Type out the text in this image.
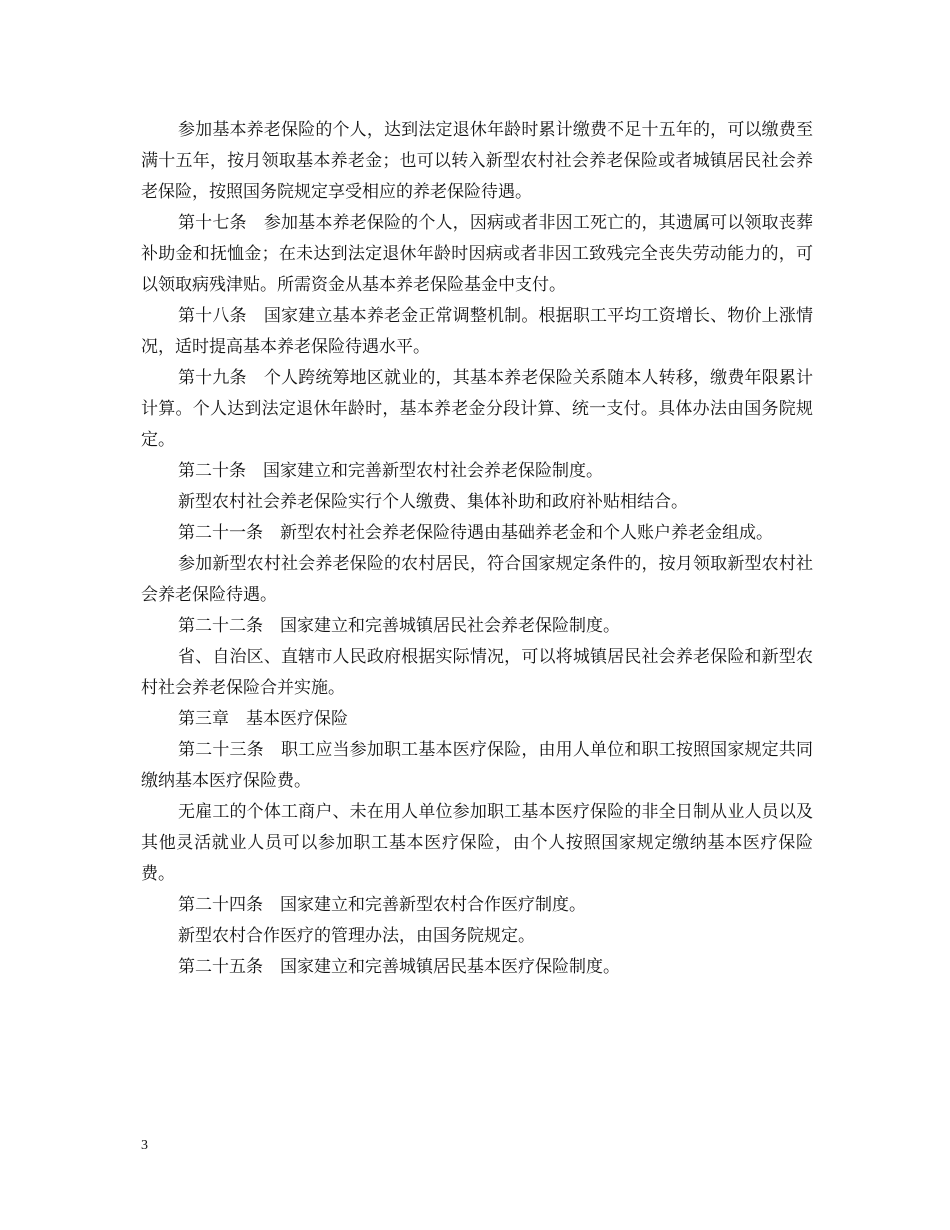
参加基本养老保险的个人，达到法定退休年龄时累计缴费不足十五年的，可以缴费至满十五年，按月领取基本养老金；也可以转入新型农村社会养老保险或者城镇居民社会养老保险，按照国务院规定享受相应的养老保险待遇。

第十七条　参加基本养老保险的个人，因病或者非因工死亡的，其遗属可以领取丧葬补助金和抚恤金；在未达到法定退休年龄时因病或者非因工致残完全丧失劳动能力的，可以领取病残津贴。所需资金从基本养老保险基金中支付。

第十八条　国家建立基本养老金正常调整机制。根据职工平均工资增长、物价上涨情况，适时提高基本养老保险待遇水平。

第十九条　个人跨统筹地区就业的，其基本养老保险关系随本人转移，缴费年限累计计算。个人达到法定退休年龄时，基本养老金分段计算、统一支付。具体办法由国务院规定。

第二十条　国家建立和完善新型农村社会养老保险制度。

新型农村社会养老保险实行个人缴费、集体补助和政府补贴相结合。

第二十一条　新型农村社会养老保险待遇由基础养老金和个人账户养老金组成。

参加新型农村社会养老保险的农村居民，符合国家规定条件的，按月领取新型农村社会养老保险待遇。

第二十二条　国家建立和完善城镇居民社会养老保险制度。

省、自治区、直辖市人民政府根据实际情况，可以将城镇居民社会养老保险和新型农村社会养老保险合并实施。

第三章　基本医疗保险

第二十三条　职工应当参加职工基本医疗保险，由用人单位和职工按照国家规定共同缴纳基本医疗保险费。

无雇工的个体工商户、未在用人单位参加职工基本医疗保险的非全日制从业人员以及其他灵活就业人员可以参加职工基本医疗保险，由个人按照国家规定缴纳基本医疗保险费。

第二十四条　国家建立和完善新型农村合作医疗制度。

新型农村合作医疗的管理办法，由国务院规定。

第二十五条　国家建立和完善城镇居民基本医疗保险制度。

3
